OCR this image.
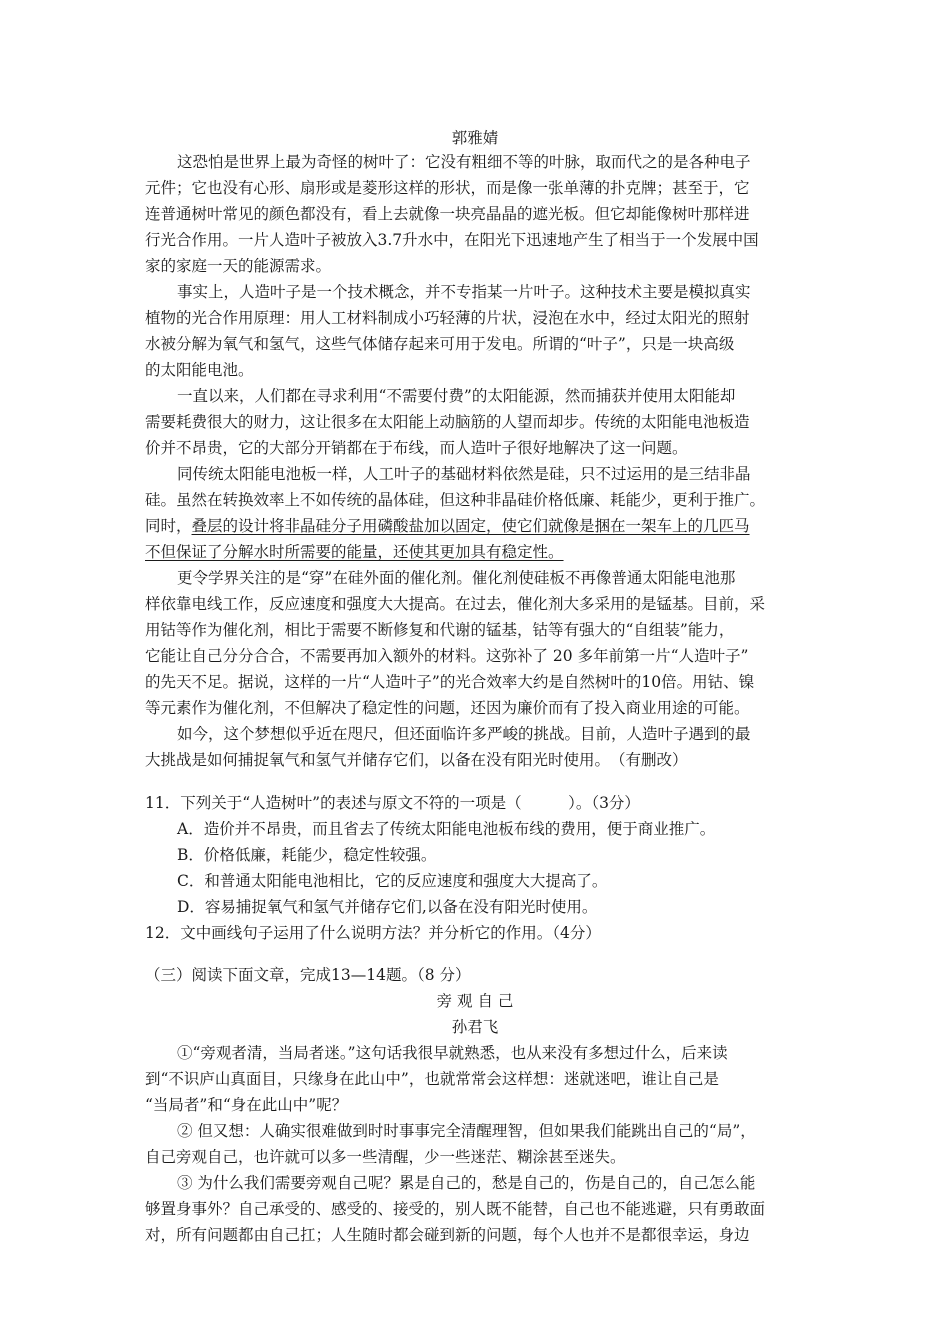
郭雅婧
这恐怕是世界上最为奇怪的树叶了：它没有粗细不等的叶脉，取而代之的是各种电子
元件；它也没有心形、扇形或是菱形这样的形状，而是像一张单薄的扑克牌；甚至于，它
连普通树叶常见的颜色都没有，看上去就像一块亮晶晶的遮光板。但它却能像树叶那样进
行光合作用。一片人造叶子被放入3.7升水中，在阳光下迅速地产生了相当于一个发展中国
家的家庭一天的能源需求。
事实上，人造叶子是一个技术概念，并不专指某一片叶子。这种技术主要是模拟真实
植物的光合作用原理：用人工材料制成小巧轻薄的片状，浸泡在水中，经过太阳光的照射
水被分解为氧气和氢气，这些气体储存起来可用于发电。所谓的“叶子”，只是一块高级
的太阳能电池。
一直以来，人们都在寻求利用“不需要付费”的太阳能源，然而捕获并使用太阳能却
需要耗费很大的财力，这让很多在太阳能上动脑筋的人望而却步。传统的太阳能电池板造
价并不昂贵，它的大部分开销都在于布线，而人造叶子很好地解决了这一问题。
同传统太阳能电池板一样，人工叶子的基础材料依然是硅，只不过运用的是三结非晶
硅。虽然在转换效率上不如传统的晶体硅，但这种非晶硅价格低廉、耗能少，更利于推广。
同时，叠层的设计将非晶硅分子用磷酸盐加以固定，使它们就像是捆在一架车上的几匹马
不但保证了分解水时所需要的能量，还使其更加具有稳定性。
更令学界关注的是“穿”在硅外面的催化剂。催化剂使硅板不再像普通太阳能电池那
样依靠电线工作，反应速度和强度大大提高。在过去，催化剂大多采用的是锰基。目前，采
用钴等作为催化剂，相比于需要不断修复和代谢的锰基，钴等有强大的“自组装”能力，
它能让自己分分合合，不需要再加入额外的材料。这弥补了 20 多年前第一片“人造叶子”
的先天不足。据说，这样的一片“人造叶子”的光合效率大约是自然树叶的10倍。用钴、镍
等元素作为催化剂，不但解决了稳定性的问题，还因为廉价而有了投入商业用途的可能。
如今，这个梦想似乎近在咫尺，但还面临许多严峻的挑战。目前，人造叶子遇到的最
大挑战是如何捕捉氧气和氢气并储存它们，以备在没有阳光时使用。　（有删改）
11．下列关于“人造树叶”的表述与原文不符的一项是（　　　）。（3分）
A．造价并不昂贵，而且省去了传统太阳能电池板布线的费用，便于商业推广。
B．价格低廉，耗能少，稳定性较强。
C．和普通太阳能电池相比，它的反应速度和强度大大提高了。
D．容易捕捉氧气和氢气并储存它们,以备在没有阳光时使用。
12．文中画线句子运用了什么说明方法？并分析它的作用。（4分）
（三）阅读下面文章，完成13—14题。（8 分）
旁 观 自 己
孙君飞
①“旁观者清，当局者迷。”这句话我很早就熟悉，也从来没有多想过什么，后来读
到“不识庐山真面目，只缘身在此山中”，也就常常会这样想：迷就迷吧，谁让自己是
“当局者”和“身在此山中”呢？
② 但又想：人确实很难做到时时事事完全清醒理智，但如果我们能跳出自己的“局”，
自己旁观自己，也许就可以多一些清醒，少一些迷茫、糊涂甚至迷失。
③ 为什么我们需要旁观自己呢？累是自己的，愁是自己的，伤是自己的，自己怎么能
够置身事外？自己承受的、感受的、接受的，别人既不能替，自己也不能逃避，只有勇敢面
对，所有问题都由自己扛；人生随时都会碰到新的问题，每个人也并不是都很幸运，身边
